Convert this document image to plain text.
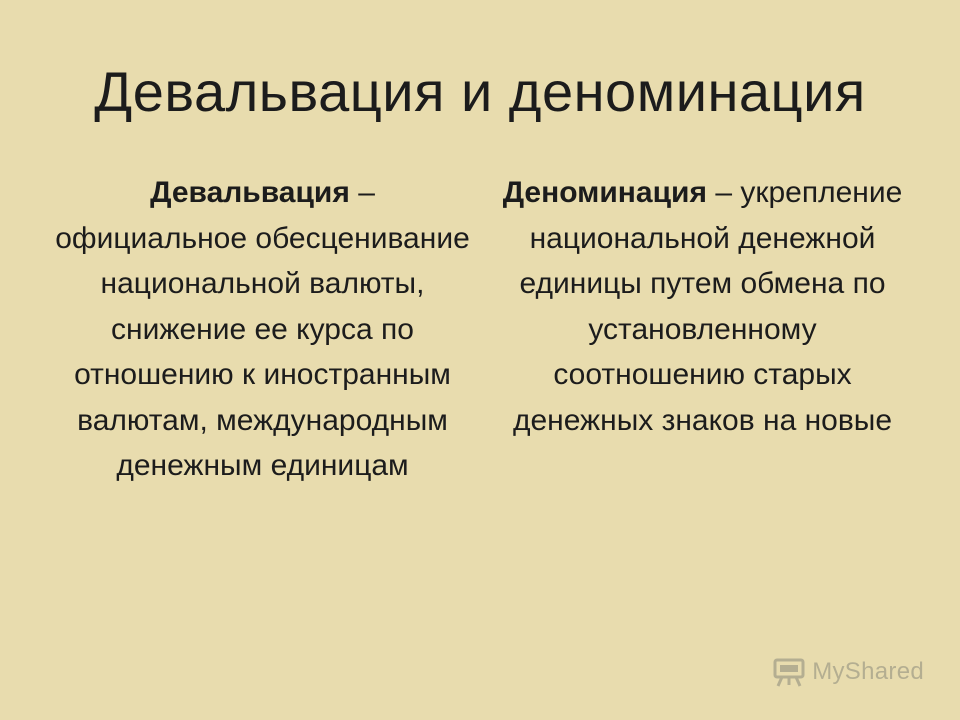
Девальвация и деноминация
Девальвация – официальное обесценивание национальной валюты, снижение ее курса по отношению к иностранным валютам, международным денежным единицам
Деноминация – укрепление национальной денежной единицы путем обмена по установленному соотношению старых денежных знаков на новые
MyShared
